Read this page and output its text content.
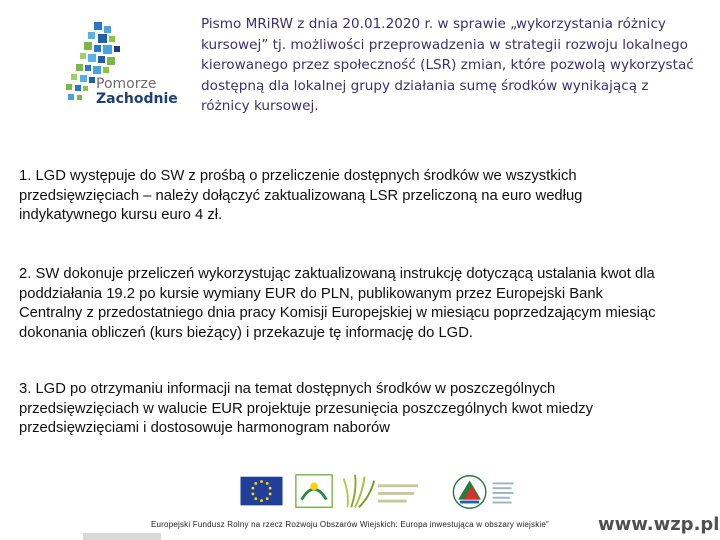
Pomorze
Zachodnie
Pismo MRiRW z dnia 20.01.2020 r. w sprawie „wykorzystania różnicy kursowej” tj. możliwości przeprowadzenia w strategii rozwoju lokalnego kierowanego przez społeczność (LSR) zmian, które pozwolą wykorzystać dostępną dla lokalnej grupy działania sumę środków wynikającą z różnicy kursowej.
1. LGD występuje do SW z prośbą o przeliczenie dostępnych środków we wszystkich
przedsięwzięciach – należy dołączyć zaktualizowaną LSR przeliczoną na euro według
indykatywnego kursu euro 4 zł.
2. SW dokonuje przeliczeń wykorzystując zaktualizowaną instrukcję dotyczącą ustalania kwot dla
poddziałania 19.2 po kursie wymiany EUR do PLN, publikowanym przez Europejski Bank
Centralny z przedostatniego dnia pracy Komisji Europejskiej w miesiącu poprzedzającym miesiąc
dokonania obliczeń (kurs bieżący) i przekazuje tę informację do LGD.
3. LGD po otrzymaniu informacji na temat dostępnych środków w poszczególnych
przedsięwzięciach w walucie EUR projektuje przesunięcia poszczególnych kwot miedzy
przedsięwzięciami i dostosowuje harmonogram naborów
Europejski Fundusz Rolny na rzecz Rozwoju Obszarów Wiejskich: Europa inwestująca w obszary wiejskie”	www.wzp.pl
